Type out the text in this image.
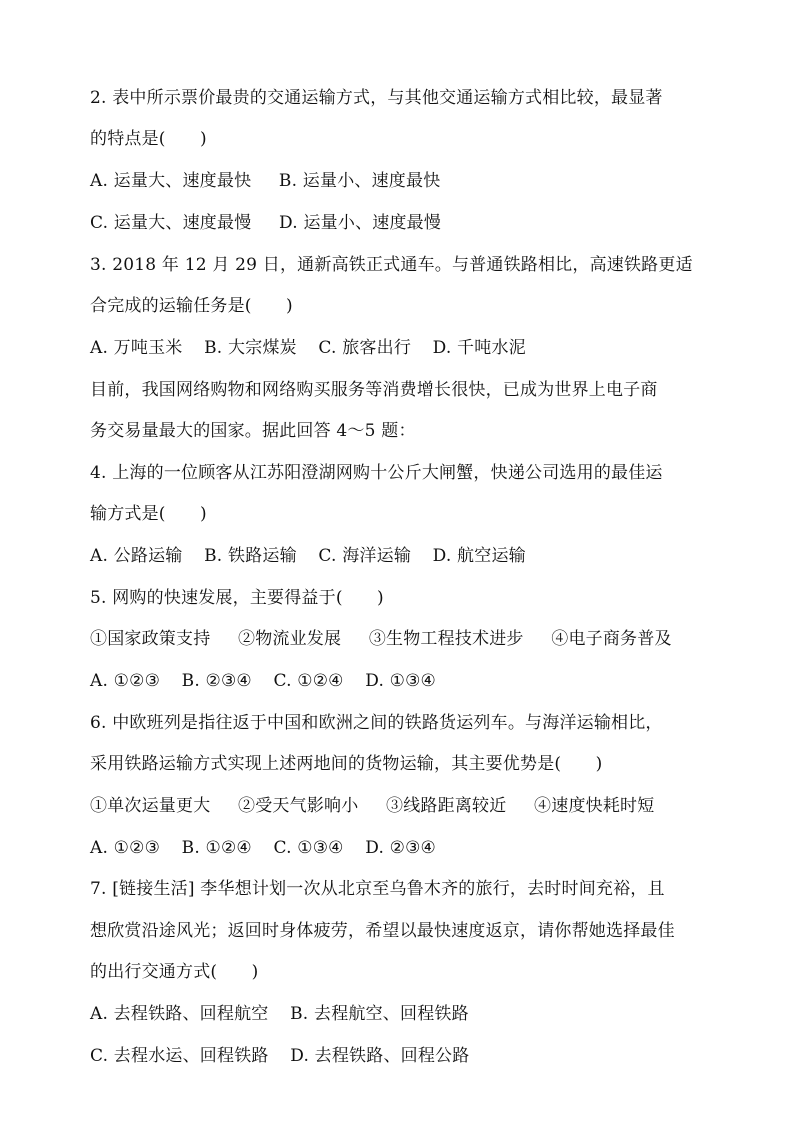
2. 表中所示票价最贵的交通运输方式，与其他交通运输方式相比较，最显著
的特点是(　　)
A. 运量大、速度最快 B. 运量小、速度最快
C. 运量大、速度最慢 D. 运量小、速度最慢
3. 2018 年 12 月 29 日，通新高铁正式通车。与普通铁路相比，高速铁路更适
合完成的运输任务是(　　)
A. 万吨玉米 B. 大宗煤炭 C. 旅客出行 D. 千吨水泥
目前，我国网络购物和网络购买服务等消费增长很快，已成为世界上电子商
务交易量最大的国家。据此回答 4～5 题：
4. 上海的一位顾客从江苏阳澄湖网购十公斤大闸蟹，快递公司选用的最佳运
输方式是(　　)
A. 公路运输 B. 铁路运输 C. 海洋运输 D. 航空运输
5. 网购的快速发展，主要得益于(　　)
①国家政策支持 ②物流业发展 ③生物工程技术进步 ④电子商务普及
A. ①②③ B. ②③④ C. ①②④ D. ①③④
6. 中欧班列是指往返于中国和欧洲之间的铁路货运列车。与海洋运输相比，
采用铁路运输方式实现上述两地间的货物运输，其主要优势是(　　)
①单次运量更大 ②受天气影响小 ③线路距离较近 ④速度快耗时短
A. ①②③ B. ①②④ C. ①③④ D. ②③④
7. [链接生活] 李华想计划一次从北京至乌鲁木齐的旅行，去时时间充裕，且
想欣赏沿途风光；返回时身体疲劳，希望以最快速度返京，请你帮她选择最佳
的出行交通方式(　　)
A. 去程铁路、回程航空 B. 去程航空、回程铁路
C. 去程水运、回程铁路 D. 去程铁路、回程公路
